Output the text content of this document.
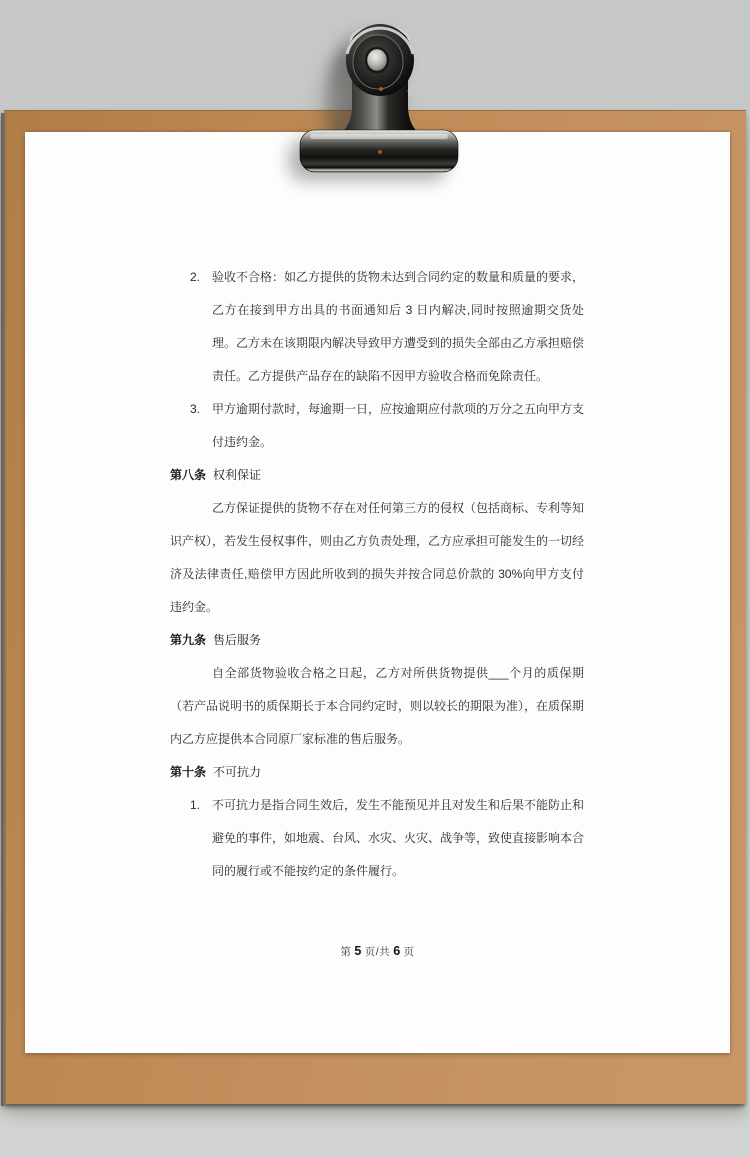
2. 验收不合格：如乙方提供的货物未达到合同约定的数量和质量的要求，乙方在接到甲方出具的书面通知后 3 日内解决,同时按照逾期交货处理。乙方未在该期限内解决导致甲方遭受到的损失全部由乙方承担赔偿责任。乙方提供产品存在的缺陷不因甲方验收合格而免除责任。
3. 甲方逾期付款时，每逾期一日，应按逾期应付款项的万分之五向甲方支付违约金。
第八条 权利保证

乙方保证提供的货物不存在对任何第三方的侵权（包括商标、专利等知识产权），若发生侵权事件，则由乙方负责处理，乙方应承担可能发生的一切经济及法律责任,赔偿甲方因此所收到的损失并按合同总价款的 30%向甲方支付违约金。

第九条 售后服务

自全部货物验收合格之日起，乙方对所供货物提供___个月的质保期（若产品说明书的质保期长于本合同约定时，则以较长的期限为准），在质保期内乙方应提供本合同原厂家标准的售后服务。

第十条 不可抗力
1. 不可抗力是指合同生效后，发生不能预见并且对发生和后果不能防止和避免的事件，如地震、台风、水灾、火灾、战争等，致使直接影响本合同的履行或不能按约定的条件履行。
第 5 页/共 6 页
